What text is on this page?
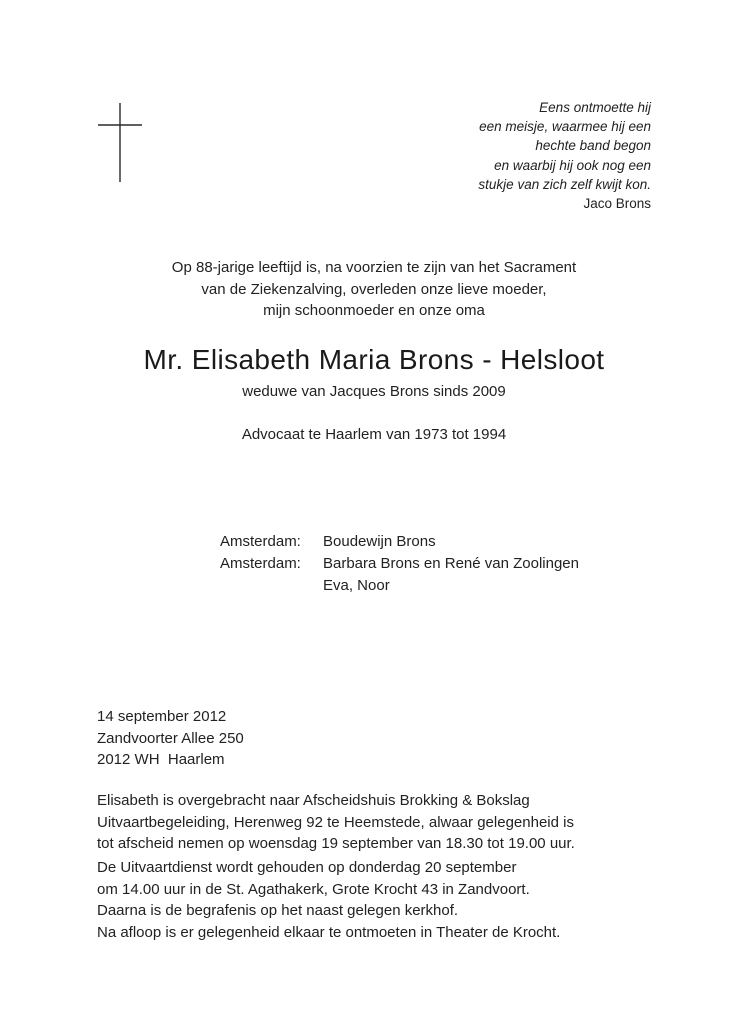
Eens ontmoette hij
een meisje, waarmee hij een
hechte band begon
en waarbij hij ook nog een
stukje van zich zelf kwijt kon.
Jaco Brons
Op 88-jarige leeftijd is, na voorzien te zijn van het Sacrament
van de Ziekenzalving, overleden onze lieve moeder,
mijn schoonmoeder en onze oma
Mr. Elisabeth Maria Brons - Helsloot
weduwe van Jacques Brons sinds 2009
Advocaat te Haarlem van 1973 tot 1994
Amsterdam:	Boudewijn Brons
Amsterdam:	Barbara Brons en René van Zoolingen
Eva, Noor
14 september 2012
Zandvoorter Allee 250
2012 WH  Haarlem
Elisabeth is overgebracht naar Afscheidshuis Brokking & Bokslag
Uitvaartbegeleiding, Herenweg 92 te Heemstede, alwaar gelegenheid is
tot afscheid nemen op woensdag 19 september van 18.30 tot 19.00 uur.
De Uitvaartdienst wordt gehouden op donderdag 20 september
om 14.00 uur in de St. Agathakerk, Grote Krocht 43 in Zandvoort.
Daarna is de begrafenis op het naast gelegen kerkhof.
Na afloop is er gelegenheid elkaar te ontmoeten in Theater de Krocht.
